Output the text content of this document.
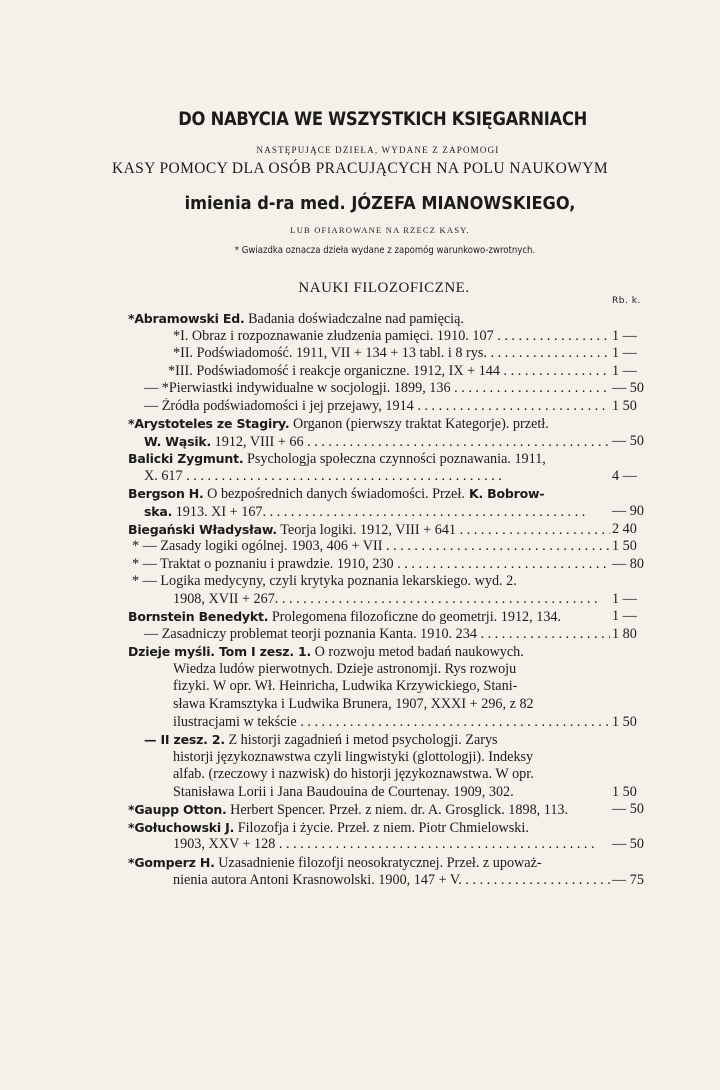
DO NABYCIA WE WSZYSTKICH KSIĘGARNIACH
NASTĘPUJĄCE DZIEŁA, WYDANE Z ZAPOMOGI
KASY POMOCY DLA OSÓB PRACUJĄCYCH NA POLU NAUKOWYM
imienia d-ra med. JÓZEFA MIANOWSKIEGO,
LUB OFIAROWANE NA RZECZ KASY.
* Gwiazdka oznacza dzieła wydane z zapomóg warunkowo-zwrotnych.
NAUKI FILOZOFICZNE.
Rb. k.
*Abramowski Ed. Badania doświadczalne nad pamięcią.
*I. Obraz i rozpoznawanie złudzenia pamięci. 1910. 107 . . .	1 —
*II. Podświadomość. 1911, VII + 134 + 13 tabl. i 8 rys. . . .	1 —
*III. Podświadomość i reakcje organiczne. 1912, IX + 144 . . .	1 —
— *Pierwiastki indywidualne w socjologji. 1899, 136 . . .	— 50
— Źródła podświadomości i jej przejawy, 1914 . . .	1 50
*Arystoteles ze Stagiry. Organon (pierwszy traktat Kategorje). przetł.
W. Wąsik. 1912, VIII + 66 . . .	— 50
Balicki Zygmunt. Psychologja społeczna czynności poznawania. 1911,
X. 617 . . .	4 —
Bergson H. O bezpośrednich danych świadomości. Przeł. K. Bobrow-
ska. 1913. XI + 167. . . .	— 90
Biegański Władysław. Teorja logiki. 1912, VIII + 641 . . .	2 40
* — Zasady logiki ogólnej. 1903, 406 + VII . . .	1 50
* — Traktat o poznaniu i prawdzie. 1910, 230 . . .	— 80
* — Logika medycyny, czyli krytyka poznania lekarskiego. wyd. 2.
1908, XVII + 267. . . .	1 —
Bornstein Benedykt. Prolegomena filozoficzne do geometrji. 1912, 134.	1 —
— Zasadniczy problemat teorji poznania Kanta. 1910. 234 . . .	1 80
Dzieje myśli. Tom I zesz. 1. O rozwoju metod badań naukowych.
Wiedza ludów pierwotnych. Dzieje astronomji. Rys rozwoju
fizyki. W opr. Wł. Heinricha, Ludwika Krzywickiego, Stani-
sława Kramsztyka i Ludwika Brunera, 1907, XXXI + 296, z 82
ilustracjami w tekście . . .	1 50
— II zesz. 2. Z historji zagadnień i metod psychologji. Zarys
historji językoznawstwa czyli lingwistyki (glottologji). Indeksy
alfab. (rzeczowy i nazwisk) do historji językoznawstwa. W opr.
Stanisława Lorii i Jana Baudouina de Courtenay. 1909, 302.	1 50
*Gaupp Otton. Herbert Spencer. Przeł. z niem. dr. A. Grosglick. 1898, 113.	— 50
*Gołuchowski J. Filozofja i życie. Przeł. z niem. Piotr Chmielowski.
1903, XXV + 128 . . .	— 50
*Gomperz H. Uzasadnienie filozofji neosokratycznej. Przeł. z upoważ-
nienia autora Antoni Krasnowolski. 1900, 147 + V. . . .	— 75
